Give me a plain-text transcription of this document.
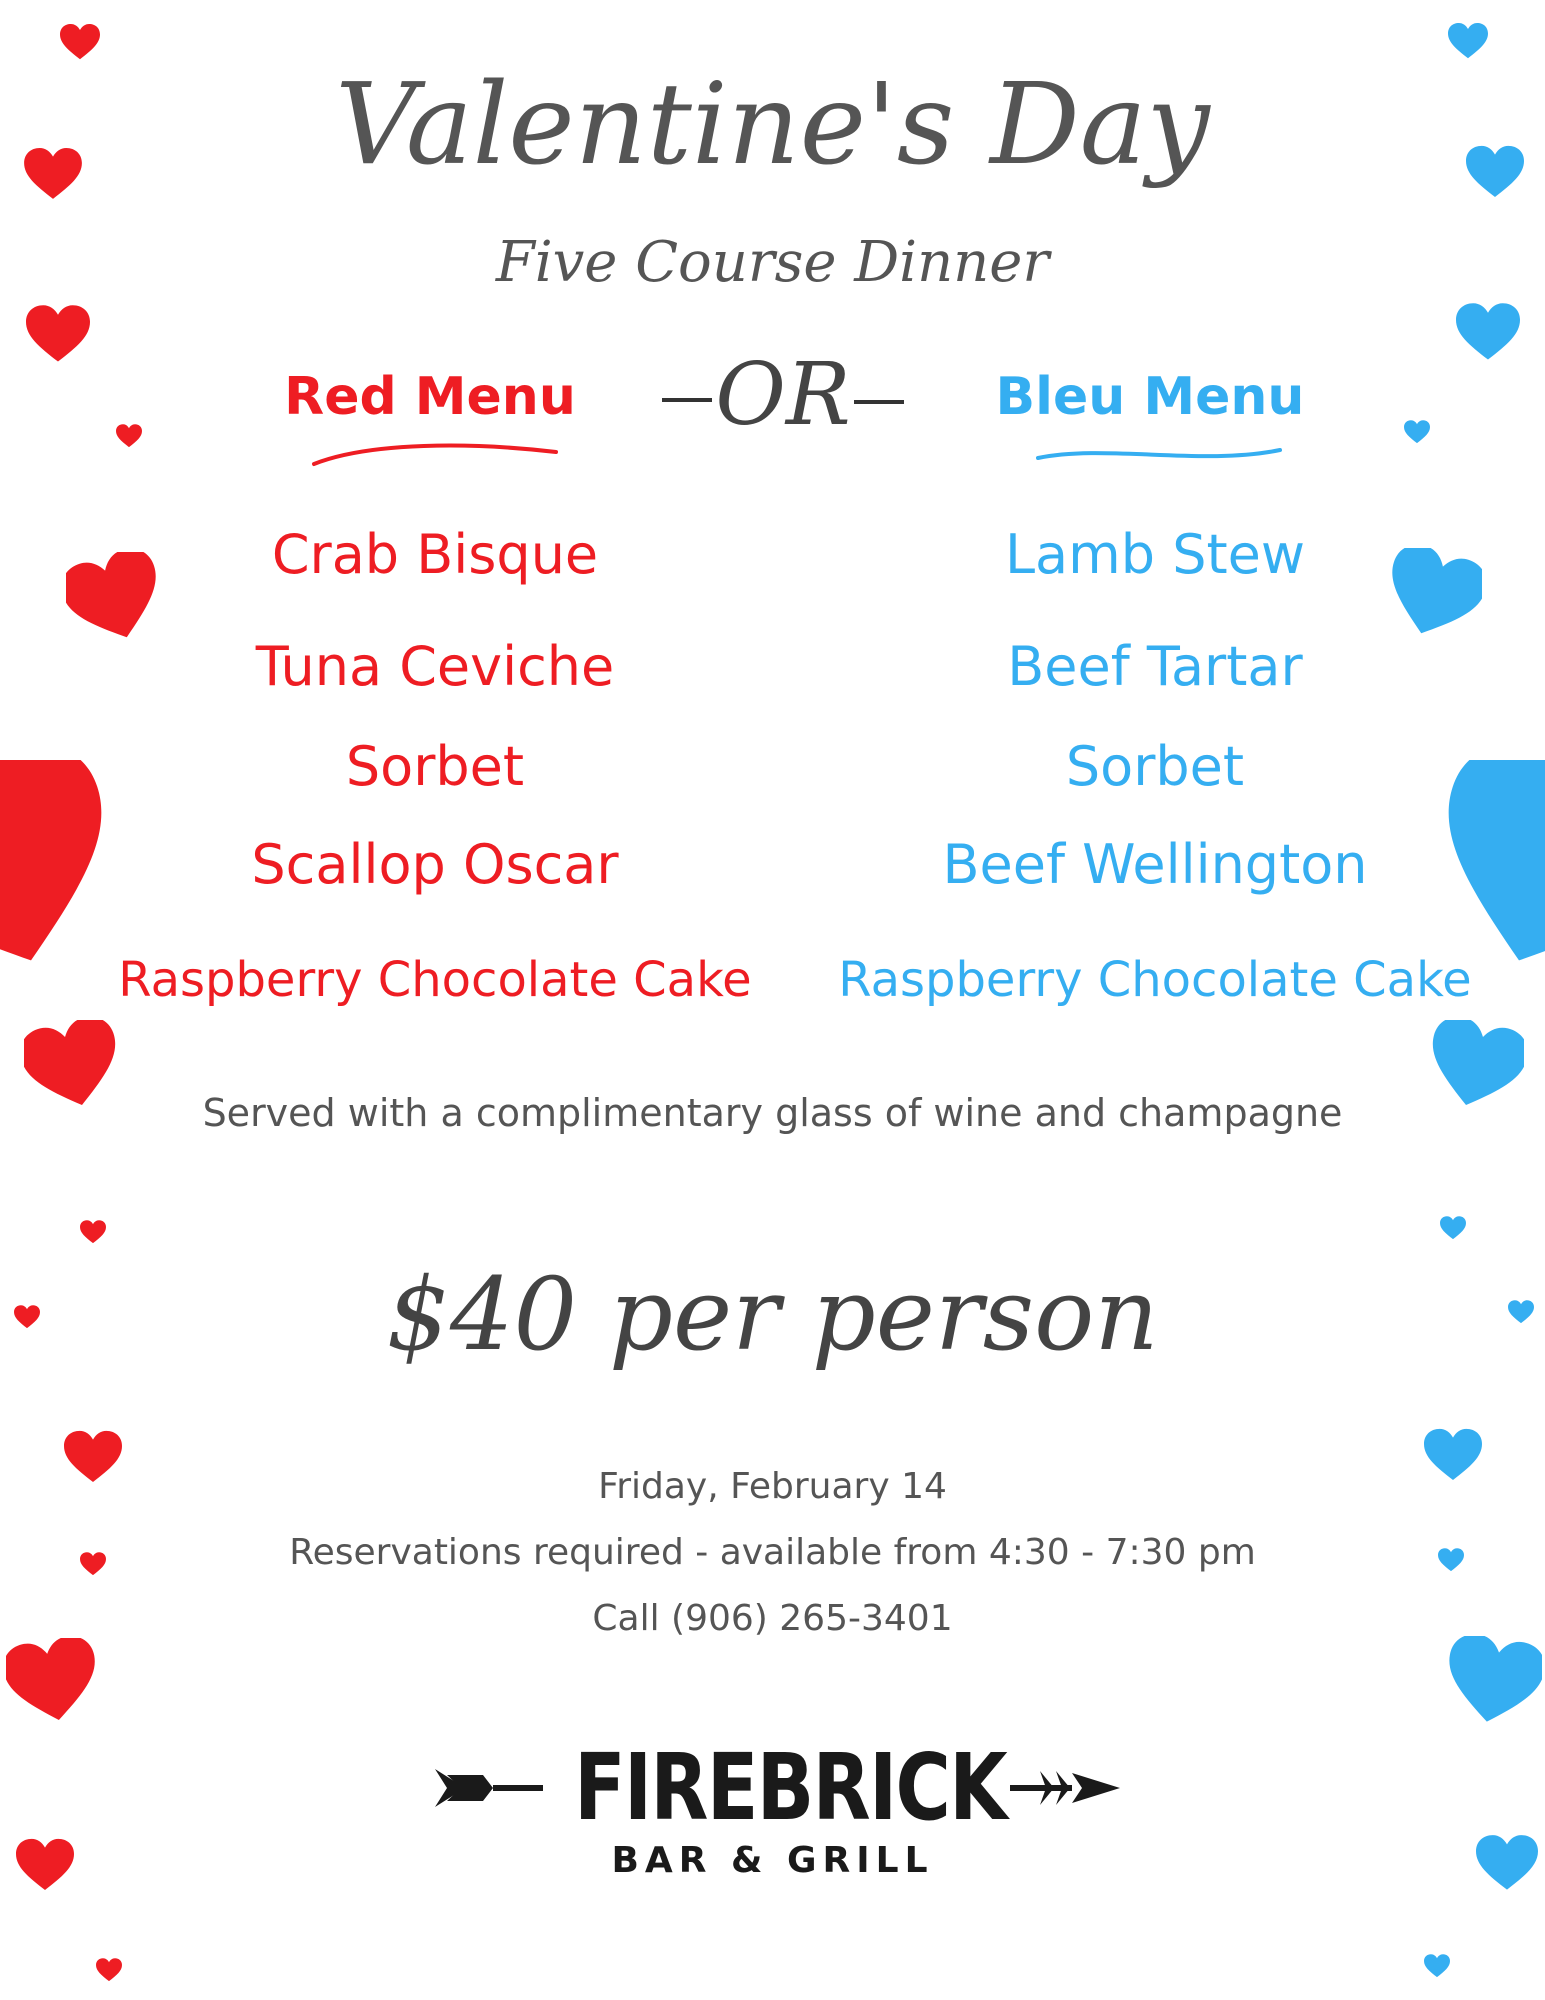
Valentine's Day
Five Course Dinner
Red Menu	OR	Bleu Menu
Crab Bisque
Tuna Ceviche
Sorbet
Scallop Oscar
Raspberry Chocolate Cake
Lamb Stew
Beef Tartar
Sorbet
Beef Wellington
Raspberry Chocolate Cake
Served with a complimentary glass of wine and champagne
$40 per person
Friday, February 14
Reservations required - available from 4:30 - 7:30 pm
Call (906) 265-3401
FIREBRICK
BAR & GRILL
